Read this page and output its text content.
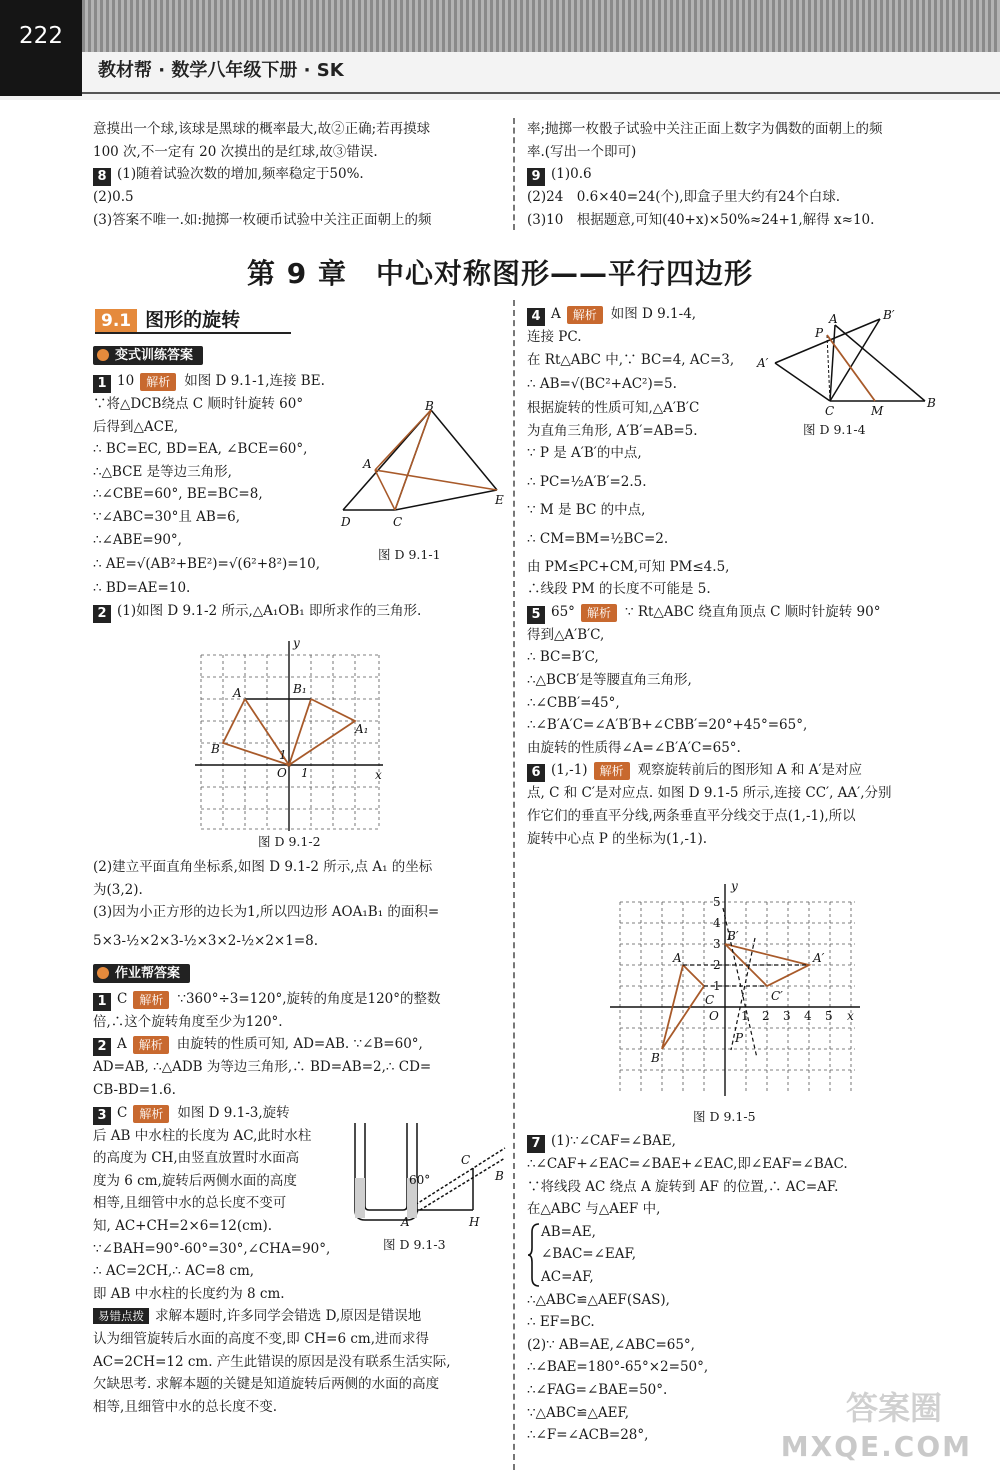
222
教材帮 · 数学八年级下册 · SK
意摸出一个球,该球是黑球的概率最大,故②正确;若再摸球
100 次,不一定有 20 次摸出的是红球,故③错误.
8 (1)随着试验次数的增加,频率稳定于50%.
(2)0.5
(3)答案不唯一.如:抛掷一枚硬币试验中关注正面朝上的频
率;抛掷一枚骰子试验中关注正面上数字为偶数的面朝上的频
率.(写出一个即可)
9 (1)0.6
(2)24　0.6×40=24(个),即盒子里大约有24个白球.
(3)10　根据题意,可知(40+x)×50%≈24+1,解得 x≈10.
第 9 章　中心对称图形——平行四边形
9.1 图形的旋转
变式训练答案
1 10 解析 如图 D 9.1-1,连接 BE.
∵将△DCB绕点 C 顺时针旋转 60°
后得到△ACE,
∴ BC=EC, BD=EA, ∠BCE=60°,
∴△BCE 是等边三角形,
∴∠CBE=60°, BE=BC=8,
∵∠ABC=30°且 AB=6,
∴∠ABE=90°,
∴ AE=√(AB²+BE²)=√(6²+8²)=10,
∴ BD=AE=10.
2 (1)如图 D 9.1-2 所示,△A₁OB₁ 即所求作的三角形.
B
A
E
D	C
图 D 9.1-1
y
A	B₁
B
A₁
O
1
1	x
图 D 9.1-2
(2)建立平面直角坐标系,如图 D 9.1-2 所示,点 A₁ 的坐标
为(3,2).
(3)因为小正方形的边长为1,所以四边形 AOA₁B₁ 的面积=
5×3-½×2×3-½×3×2-½×2×1=8.
作业帮答案
1 C 解析 ∵360°÷3=120°,旋转的角度是120°的整数
倍,∴这个旋转角度至少为120°.
2 A 解析 由旋转的性质可知, AD=AB. ∵∠B=60°,
AD=AB, ∴△ADB 为等边三角形,∴ BD=AB=2,∴ CD=
CB-BD=1.6.
3 C 解析 如图 D 9.1-3,旋转
后 AB 中水柱的长度为 AC,此时水柱
的高度为 CH,由竖直放置时水面高
度为 6 cm,旋转后两侧水面的高度
相等,且细管中水的总长度不变可
知, AC+CH=2×6=12(cm).
∵∠BAH=90°-60°=30°,∠CHA=90°,
∴ AC=2CH,∴ AC=8 cm,
即 AB 中水柱的长度约为 8 cm.
易错点拨 求解本题时,许多同学会错选 D,原因是错误地
认为细管旋转后水面的高度不变,即 CH=6 cm,进而求得
AC=2CH=12 cm. 产生此错误的原因是没有联系生活实际,
欠缺思考. 求解本题的关键是知道旋转后两侧的水面的高度
相等,且细管中水的总长度不变.
C
B
60°
A	H
图 D 9.1-3
4 A 解析 如图 D 9.1-4,
连接 PC.
在 Rt△ABC 中,∵ BC=4, AC=3,
∴ AB=√(BC²+AC²)=5.
根据旋转的性质可知,△A′B′C
为直角三角形, A′B′=AB=5.
∵ P 是 A′B′的中点,
∴ PC=½A′B′=2.5.
∵ M 是 BC 的中点,
∴ CM=BM=½BC=2.
由 PM≤PC+CM,可知 PM≤4.5,
∴线段 PM 的长度不可能是 5.
5 65° 解析 ∵ Rt△ABC 绕直角顶点 C 顺时针旋转 90°
得到△A′B′C,
∴ BC=B′C,
∴△BCB′是等腰直角三角形,
∴∠CBB′=45°,
∴∠B′A′C=∠A′B′B+∠CBB′=20°+45°=65°,
由旋转的性质得∠A=∠B′A′C=65°.
6 (1,-1) 解析 观察旋转前后的图形知 A 和 A′是对应
点, C 和 C′是对应点. 如图 D 9.1-5 所示,连接 CC′, AA′,分别
作它们的垂直平分线,两条垂直平分线交于点(1,-1),所以
旋转中心点 P 的坐标为(1,-1).
P
A	B′
A′
C	M
B
图 D 9.1-4
y
5
4
3
2
1
B′
A	A′
C	C′
O 1 2 3 4 5 x
P
B
图 D 9.1-5
7 (1)∵∠CAF=∠BAE,
∴∠CAF+∠EAC=∠BAE+∠EAC,即∠EAF=∠BAC.
∵将线段 AC 绕点 A 旋转到 AF 的位置,∴ AC=AF.
在△ABC 与△AEF 中,
AB=AE,
∠BAC=∠EAF,
AC=AF,
∴△ABC≌△AEF(SAS),
∴ EF=BC.
(2)∵ AB=AE,∠ABC=65°,
∴∠BAE=180°-65°×2=50°,
∴∠FAG=∠BAE=50°.
∵△ABC≌△AEF,
∴∠F=∠ACB=28°,
答案圈
MXQE.COM
